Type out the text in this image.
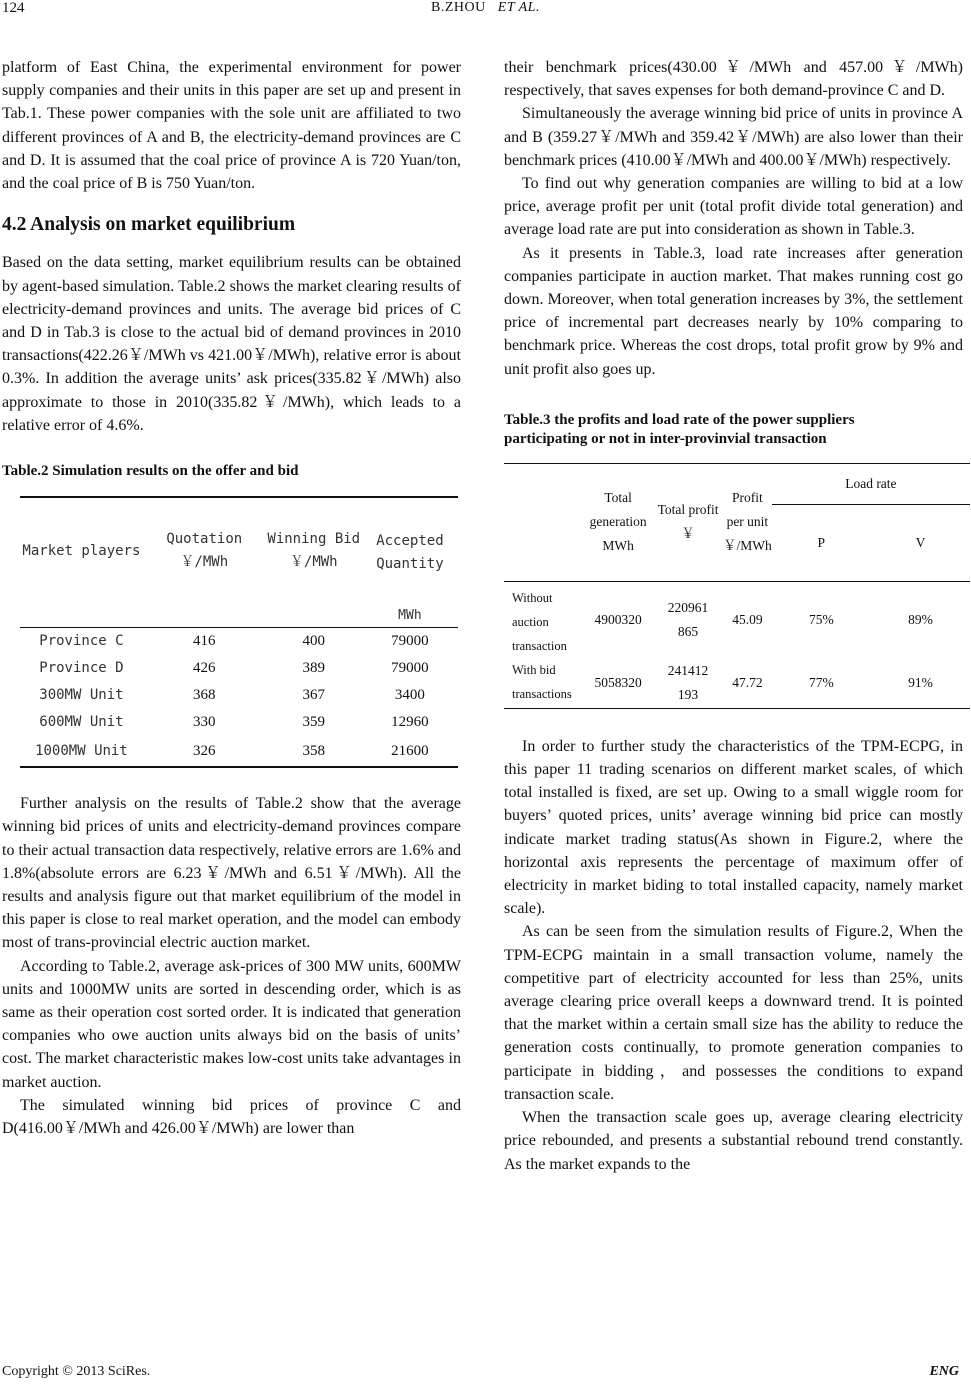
124	B.ZHOU ET AL.

platform of East China, the experimental environment for power supply companies and their units in this paper are set up and present in Tab.1. These power companies with the sole unit are affiliated to two different provinces of A and B, the electricity-demand provinces are C and D. It is assumed that the coal price of province A is 720 Yuan/ton, and the coal price of B is 750 Yuan/ton.

4.2 Analysis on market equilibrium

Based on the data setting, market equilibrium results can be obtained by agent-based simulation. Table.2 shows the market clearing results of electricity-demand provinces and units. The average bid prices of C and D in Tab.3 is close to the actual bid of demand provinces in 2010 transactions(422.26￥/MWh vs 421.00￥/MWh), relative error is about 0.3%. In addition the average units’ ask prices(335.82￥/MWh) also approximate to those in 2010(335.82￥/MWh), which leads to a relative error of 4.6%.

Table.2 Simulation results on the offer and bid

Market players	Quotation ￥/MWh	Winning Bid ￥/MWh	Accepted Quantity
			MWh
Province C	416	400	79000
Province D	426	389	79000
300MW Unit	368	367	3400
600MW Unit	330	359	12960
1000MW Unit	326	358	21600

Further analysis on the results of Table.2 show that the average winning bid prices of units and electricity-demand provinces compare to their actual transaction data respectively, relative errors are 1.6% and 1.8%(absolute errors are 6.23￥/MWh and 6.51￥/MWh). All the results and analysis figure out that market equilibrium of the model in this paper is close to real market operation, and the model can embody most of trans-provincial electric auction market.

According to Table.2, average ask-prices of 300 MW units, 600MW units and 1000MW units are sorted in descending order, which is as same as their operation cost sorted order. It is indicated that generation companies who owe auction units always bid on the basis of units’ cost. The market characteristic makes low-cost units take advantages in market auction.

The simulated winning bid prices of province C and D(416.00￥/MWh and 426.00￥/MWh) are lower than

their benchmark prices(430.00￥/MWh and 457.00￥/MWh) respectively, that saves expenses for both demand-province C and D.

Simultaneously the average winning bid price of units in province A and B (359.27￥/MWh and 359.42￥/MWh) are also lower than their benchmark prices (410.00￥/MWh and 400.00￥/MWh) respectively.

To find out why generation companies are willing to bid at a low price, average profit per unit (total profit divide total generation) and average load rate are put into consideration as shown in Table.3.

As it presents in Table.3, load rate increases after generation companies participate in auction market. That makes running cost go down. Moreover, when total generation increases by 3%, the settlement price of incremental part decreases nearly by 10% comparing to benchmark price. Whereas the cost drops, total profit grow by 9% and unit profit also goes up.

Table.3 the profits and load rate of the power suppliers

participating or not in inter-provinvial transaction

	Total generation MWh	Total profit ￥	Profit per unit ￥/MWh	Load rate	
				P	V
Without auction transaction	4900320	220961865	45.09	75%	89%
With bid transactions	5058320	241412193	47.72	77%	91%

In order to further study the characteristics of the TPM-ECPG, in this paper 11 trading scenarios on different market scales, of which total installed is fixed, are set up. Owing to a small wiggle room for buyers’ quoted prices, units’ average winning bid price can mostly indicate market trading status(As shown in Figure.2, where the horizontal axis represents the percentage of maximum offer of electricity in market biding to total installed capacity, namely market scale).

As can be seen from the simulation results of Figure.2, When the TPM-ECPG maintain in a small transaction volume, namely the competitive part of electricity accounted for less than 25%, units average clearing price overall keeps a downward trend. It is pointed that the market within a certain small size has the ability to reduce the generation costs continually, to promote generation companies to participate in bidding，and possesses the conditions to expand transaction scale.

When the transaction scale goes up, average clearing electricity price rebounded, and presents a substantial rebound trend constantly. As the market expands to the

Copyright © 2013 SciRes.	ENG
